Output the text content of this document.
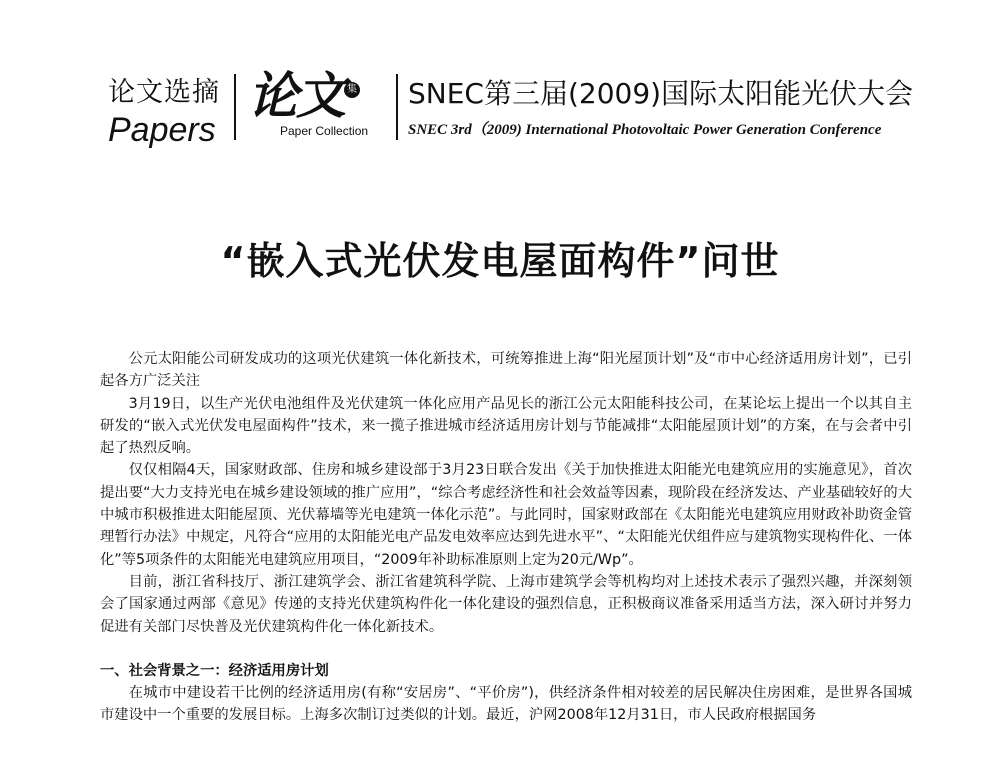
论文选摘
Papers
论文 集
Paper Collection
SNEC第三届(2009)国际太阳能光伏大会
SNEC 3rd（2009) International Photovoltaic Power Generation Conference
“嵌入式光伏发电屋面构件”问世

公元太阳能公司研发成功的这项光伏建筑一体化新技术，可统筹推进上海“阳光屋顶计划”及“市中心经济适用房计划”，已引起各方广泛关注

3月19日，以生产光伏电池组件及光伏建筑一体化应用产品见长的浙江公元太阳能科技公司，在某论坛上提出一个以其自主研发的“嵌入式光伏发电屋面构件”技术，来一揽子推进城市经济适用房计划与节能减排“太阳能屋顶计划”的方案，在与会者中引起了热烈反响。

仅仅相隔4天，国家财政部、住房和城乡建设部于3月23日联合发出《关于加快推进太阳能光电建筑应用的实施意见》，首次提出要“大力支持光电在城乡建设领域的推广应用”，“综合考虑经济性和社会效益等因素，现阶段在经济发达、产业基础较好的大中城市积极推进太阳能屋顶、光伏幕墙等光电建筑一体化示范”。与此同时，国家财政部在《太阳能光电建筑应用财政补助资金管理暂行办法》中规定，凡符合“应用的太阳能光电产品发电效率应达到先进水平”、“太阳能光伏组件应与建筑物实现构件化、一体化”等5项条件的太阳能光电建筑应用项目，“2009年补助标准原则上定为20元/Wp”。

目前，浙江省科技厅、浙江建筑学会、浙江省建筑科学院、上海市建筑学会等机构均对上述技术表示了强烈兴趣，并深刻领会了国家通过两部《意见》传递的支持光伏建筑构件化一体化建设的强烈信息，正积极商议准备采用适当方法，深入研讨并努力促进有关部门尽快普及光伏建筑构件化一体化新技术。

一、社会背景之一：经济适用房计划

在城市中建设若干比例的经济适用房(有称“安居房”、“平价房”)，供经济条件相对较差的居民解决住房困难，是世界各国城市建设中一个重要的发展目标。上海多次制订过类似的计划。最近，沪网2008年12月31日，市人民政府根据国务
